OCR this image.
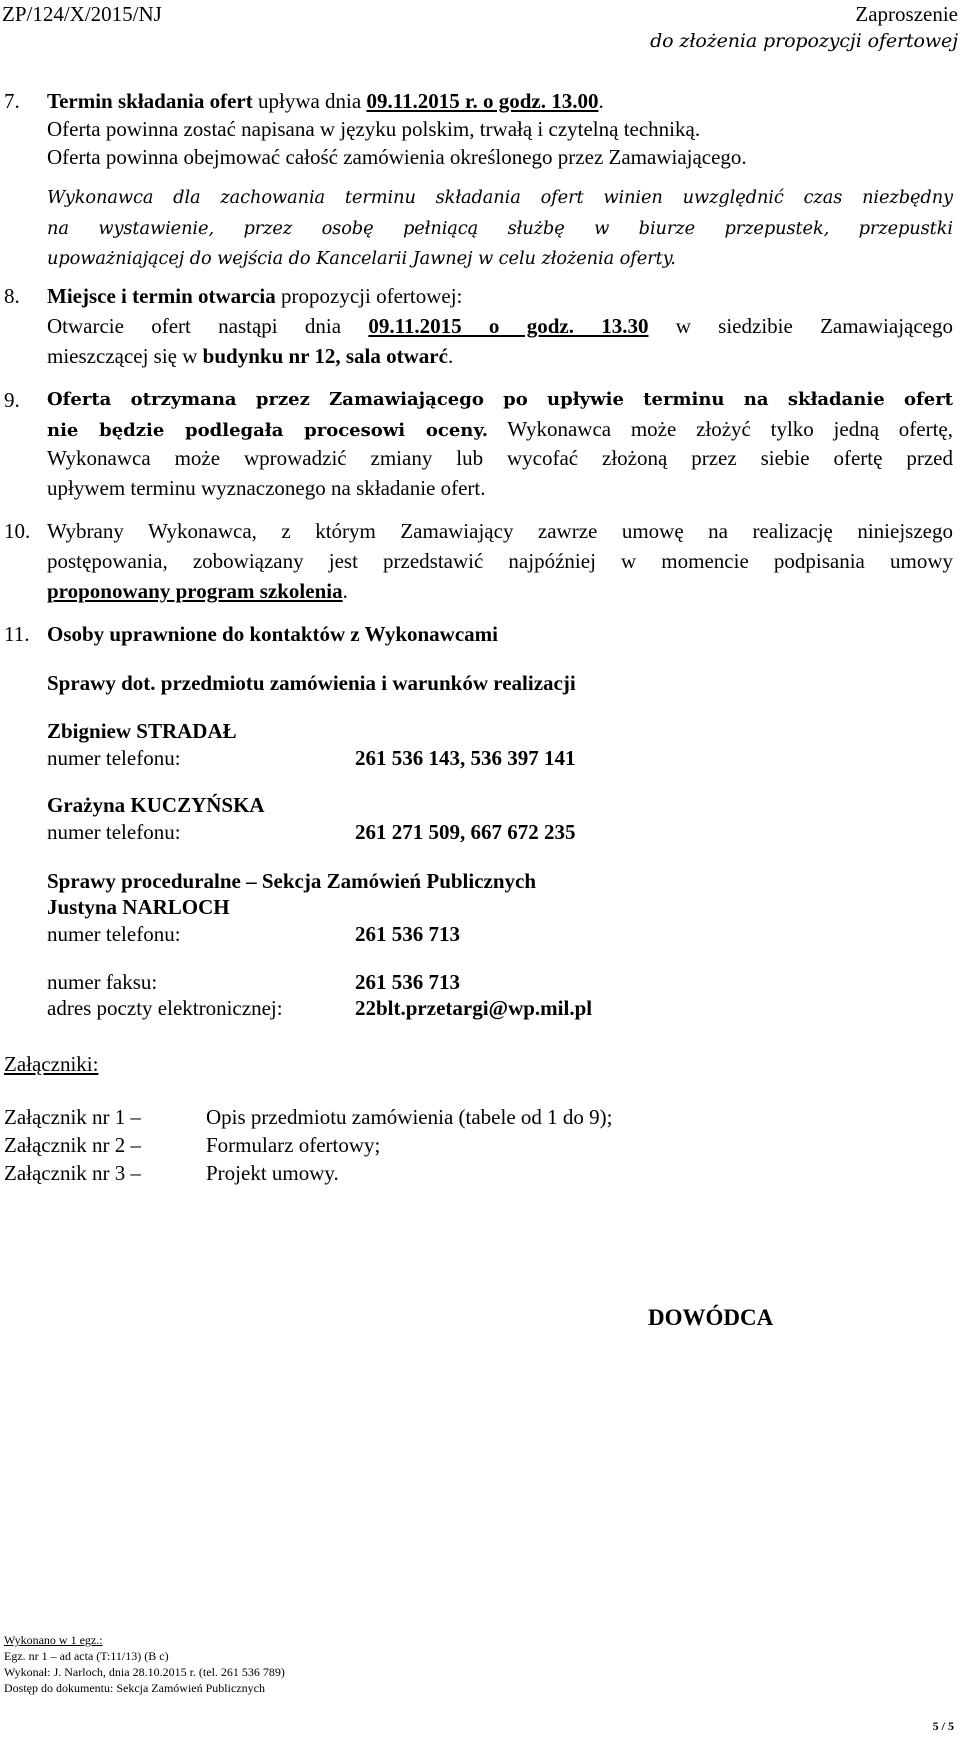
ZP/124/X/2015/NJ	Zaproszenie
do złożenia propozycji ofertowej
7. Termin składania ofert upływa dnia 09.11.2015 r. o godz. 13.00.
Oferta powinna zostać napisana w języku polskim, trwałą i czytelną techniką.
Oferta powinna obejmować całość zamówienia określonego przez Zamawiającego.
Wykonawca dla zachowania terminu składania ofert winien uwzględnić czas niezbędny
na wystawienie, przez osobę pełniącą służbę w biurze przepustek, przepustki
upoważniającej do wejścia do Kancelarii Jawnej w celu złożenia oferty.
8. Miejsce i termin otwarcia propozycji ofertowej:
Otwarcie ofert nastąpi dnia 09.11.2015 o godz. 13.30 w siedzibie Zamawiającego
mieszczącej się w budynku nr 12, sala otwarć.
9. Oferta otrzymana przez Zamawiającego po upływie terminu na składanie ofert
nie będzie podlegała procesowi oceny. Wykonawca może złożyć tylko jedną ofertę,
Wykonawca może wprowadzić zmiany lub wycofać złożoną przez siebie ofertę przed
upływem terminu wyznaczonego na składanie ofert.
10. Wybrany Wykonawca, z którym Zamawiający zawrze umowę na realizację niniejszego
postępowania, zobowiązany jest przedstawić najpóźniej w momencie podpisania umowy
proponowany program szkolenia.
11. Osoby uprawnione do kontaktów z Wykonawcami
Sprawy dot. przedmiotu zamówienia i warunków realizacji
Zbigniew STRADAŁ
numer telefonu:	261 536 143, 536 397 141
Grażyna KUCZYŃSKA
numer telefonu:	261 271 509, 667 672 235
Sprawy proceduralne – Sekcja Zamówień Publicznych
Justyna NARLOCH
numer telefonu:	261 536 713
numer faksu:	261 536 713
adres poczty elektronicznej:	22blt.przetargi@wp.mil.pl
Załączniki:
Załącznik nr 1 –	Opis przedmiotu zamówienia (tabele od 1 do 9);
Załącznik nr 2 –	Formularz ofertowy;
Załącznik nr 3 –	Projekt umowy.
DOWÓDCA
Wykonano w 1 egz.:
Egz. nr 1 – ad acta (T:11/13) (B c)
Wykonał: J. Narloch, dnia 28.10.2015 r. (tel. 261 536 789)
Dostęp do dokumentu: Sekcja Zamówień Publicznych
5 / 5
